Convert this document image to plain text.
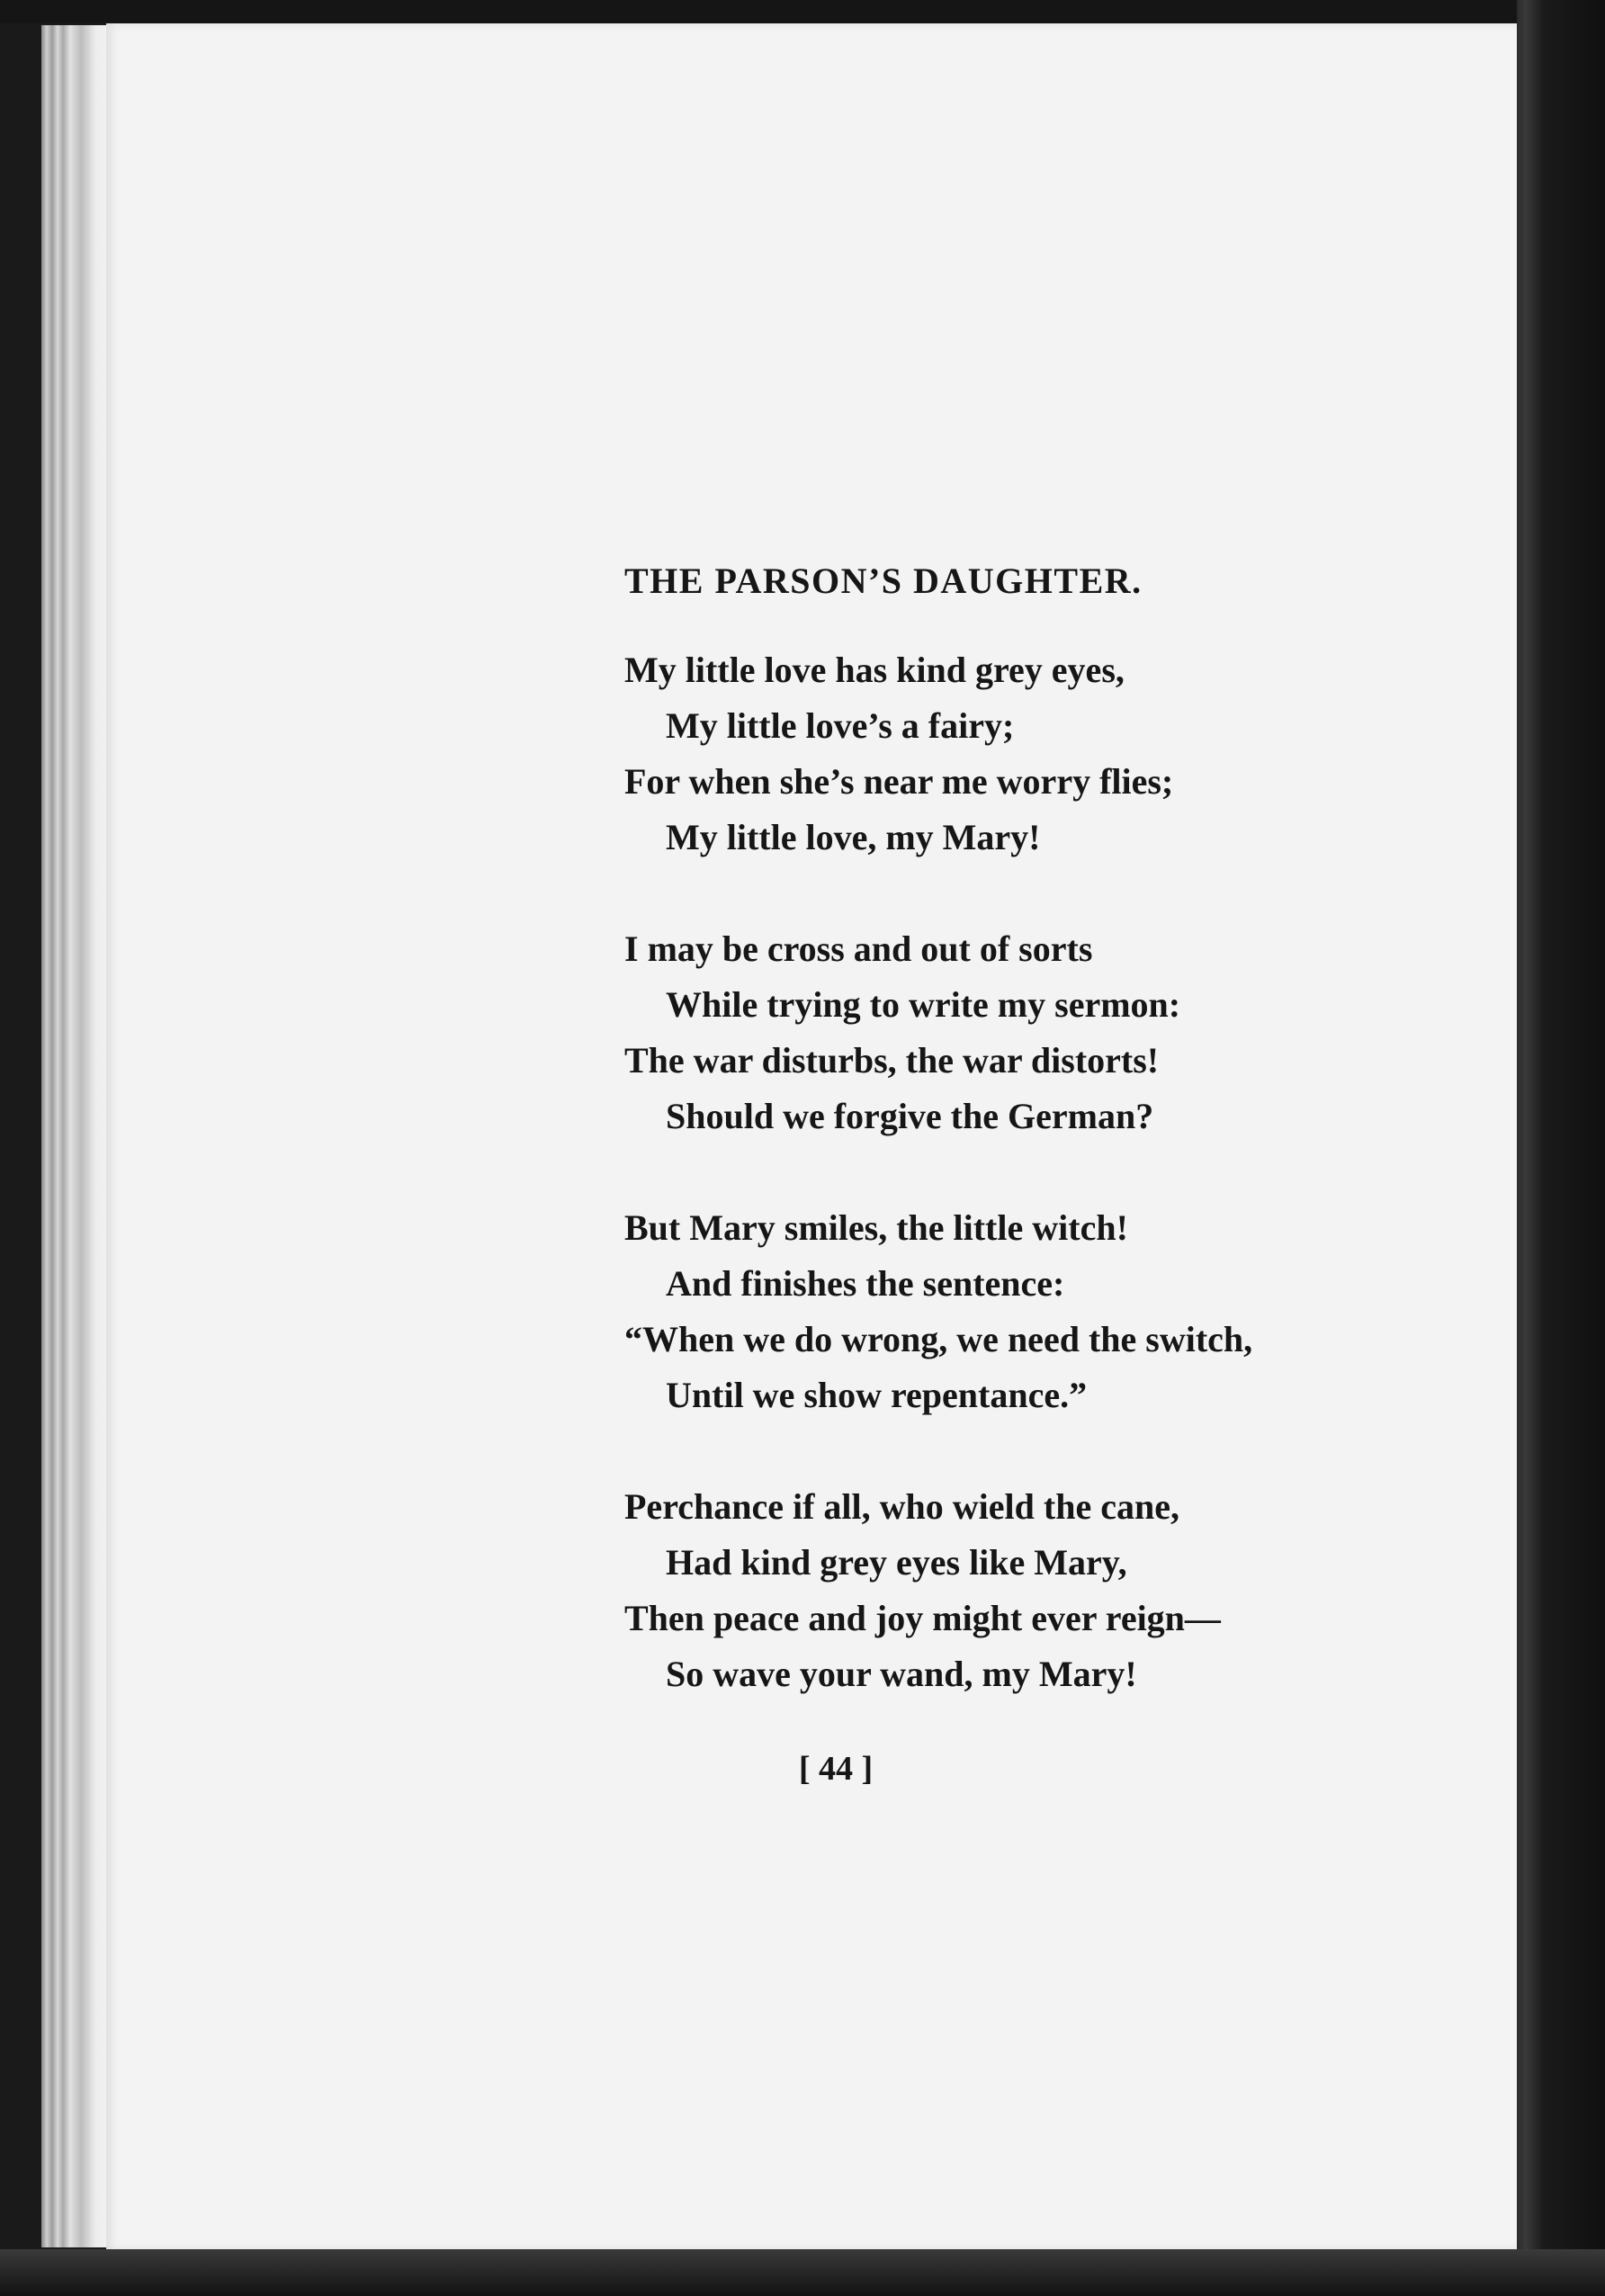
THE PARSON’S DAUGHTER.

My little love has kind grey eyes,
My little love’s a fairy;
For when she’s near me worry flies;
My little love, my Mary!

I may be cross and out of sorts
While trying to write my sermon:
The war disturbs, the war distorts!
Should we forgive the German?

But Mary smiles, the little witch!
And finishes the sentence:
“When we do wrong, we need the switch,
Until we show repentance.”

Perchance if all, who wield the cane,
Had kind grey eyes like Mary,
Then peace and joy might ever reign—
So wave your wand, my Mary!

[ 44 ]
